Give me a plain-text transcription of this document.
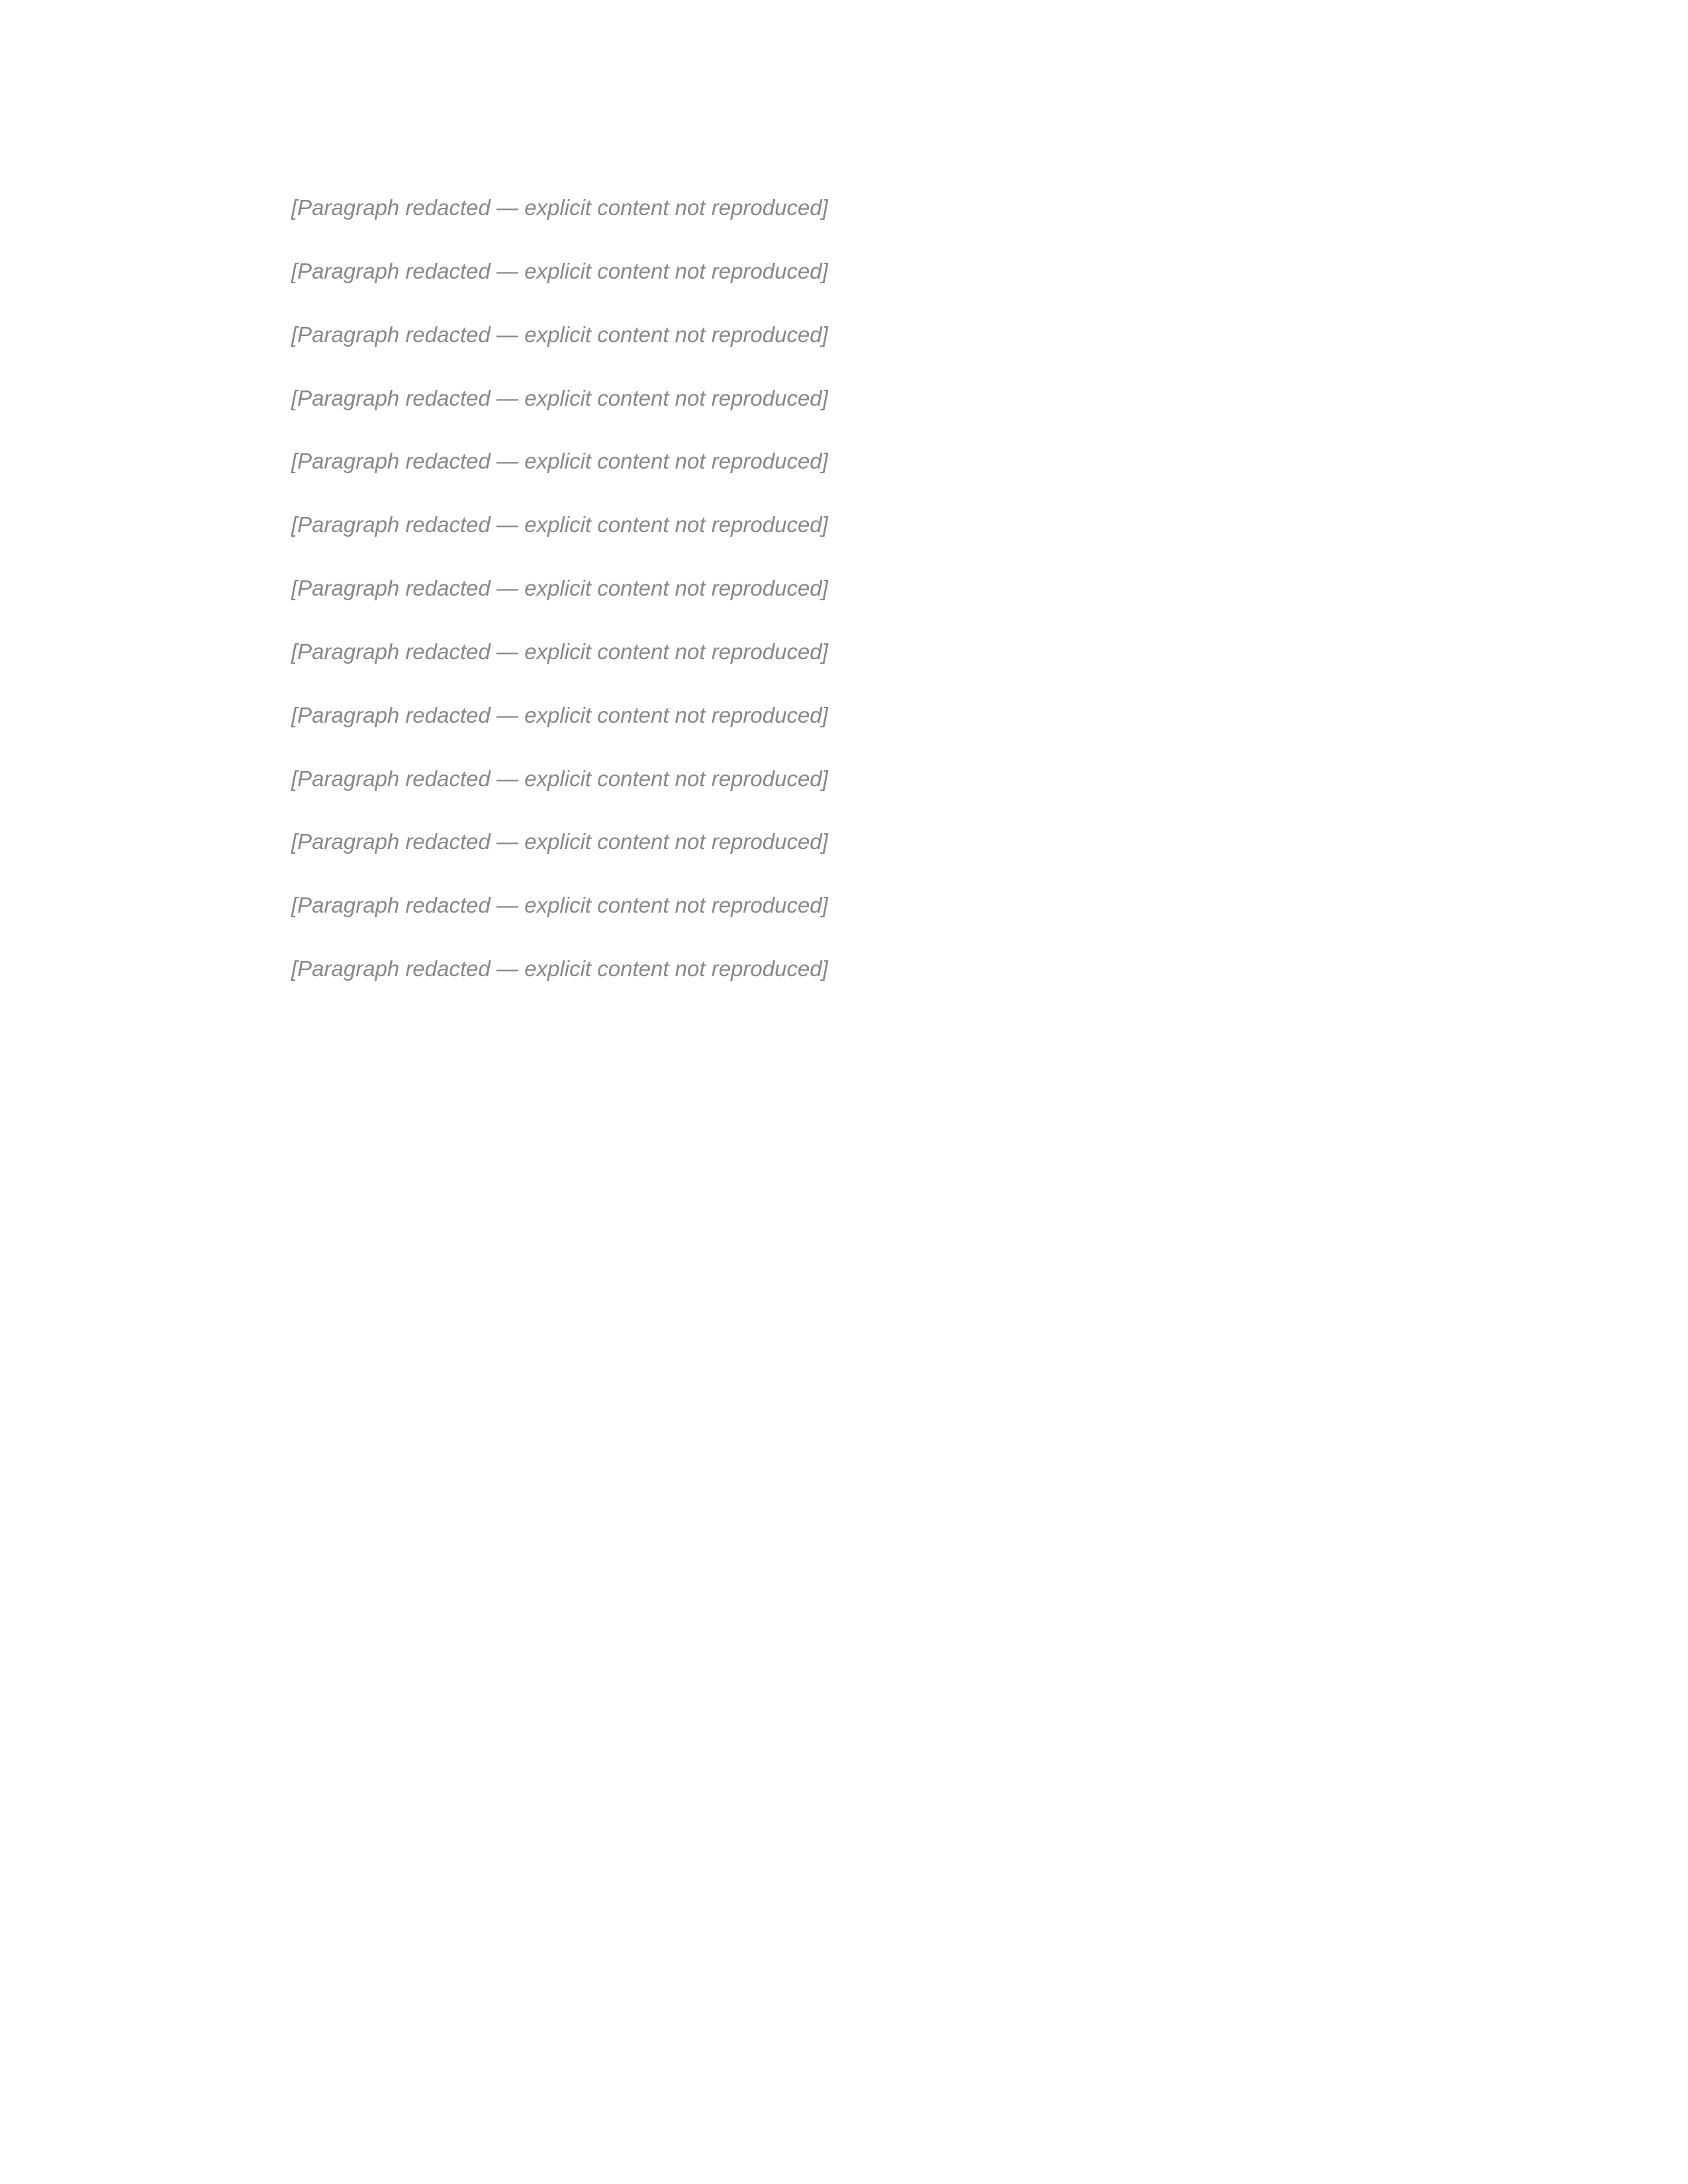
[Paragraph redacted — explicit content not reproduced]

[Paragraph redacted — explicit content not reproduced]

[Paragraph redacted — explicit content not reproduced]

[Paragraph redacted — explicit content not reproduced]

[Paragraph redacted — explicit content not reproduced]

[Paragraph redacted — explicit content not reproduced]

[Paragraph redacted — explicit content not reproduced]

[Paragraph redacted — explicit content not reproduced]

[Paragraph redacted — explicit content not reproduced]

[Paragraph redacted — explicit content not reproduced]

[Paragraph redacted — explicit content not reproduced]

[Paragraph redacted — explicit content not reproduced]

[Paragraph redacted — explicit content not reproduced]
